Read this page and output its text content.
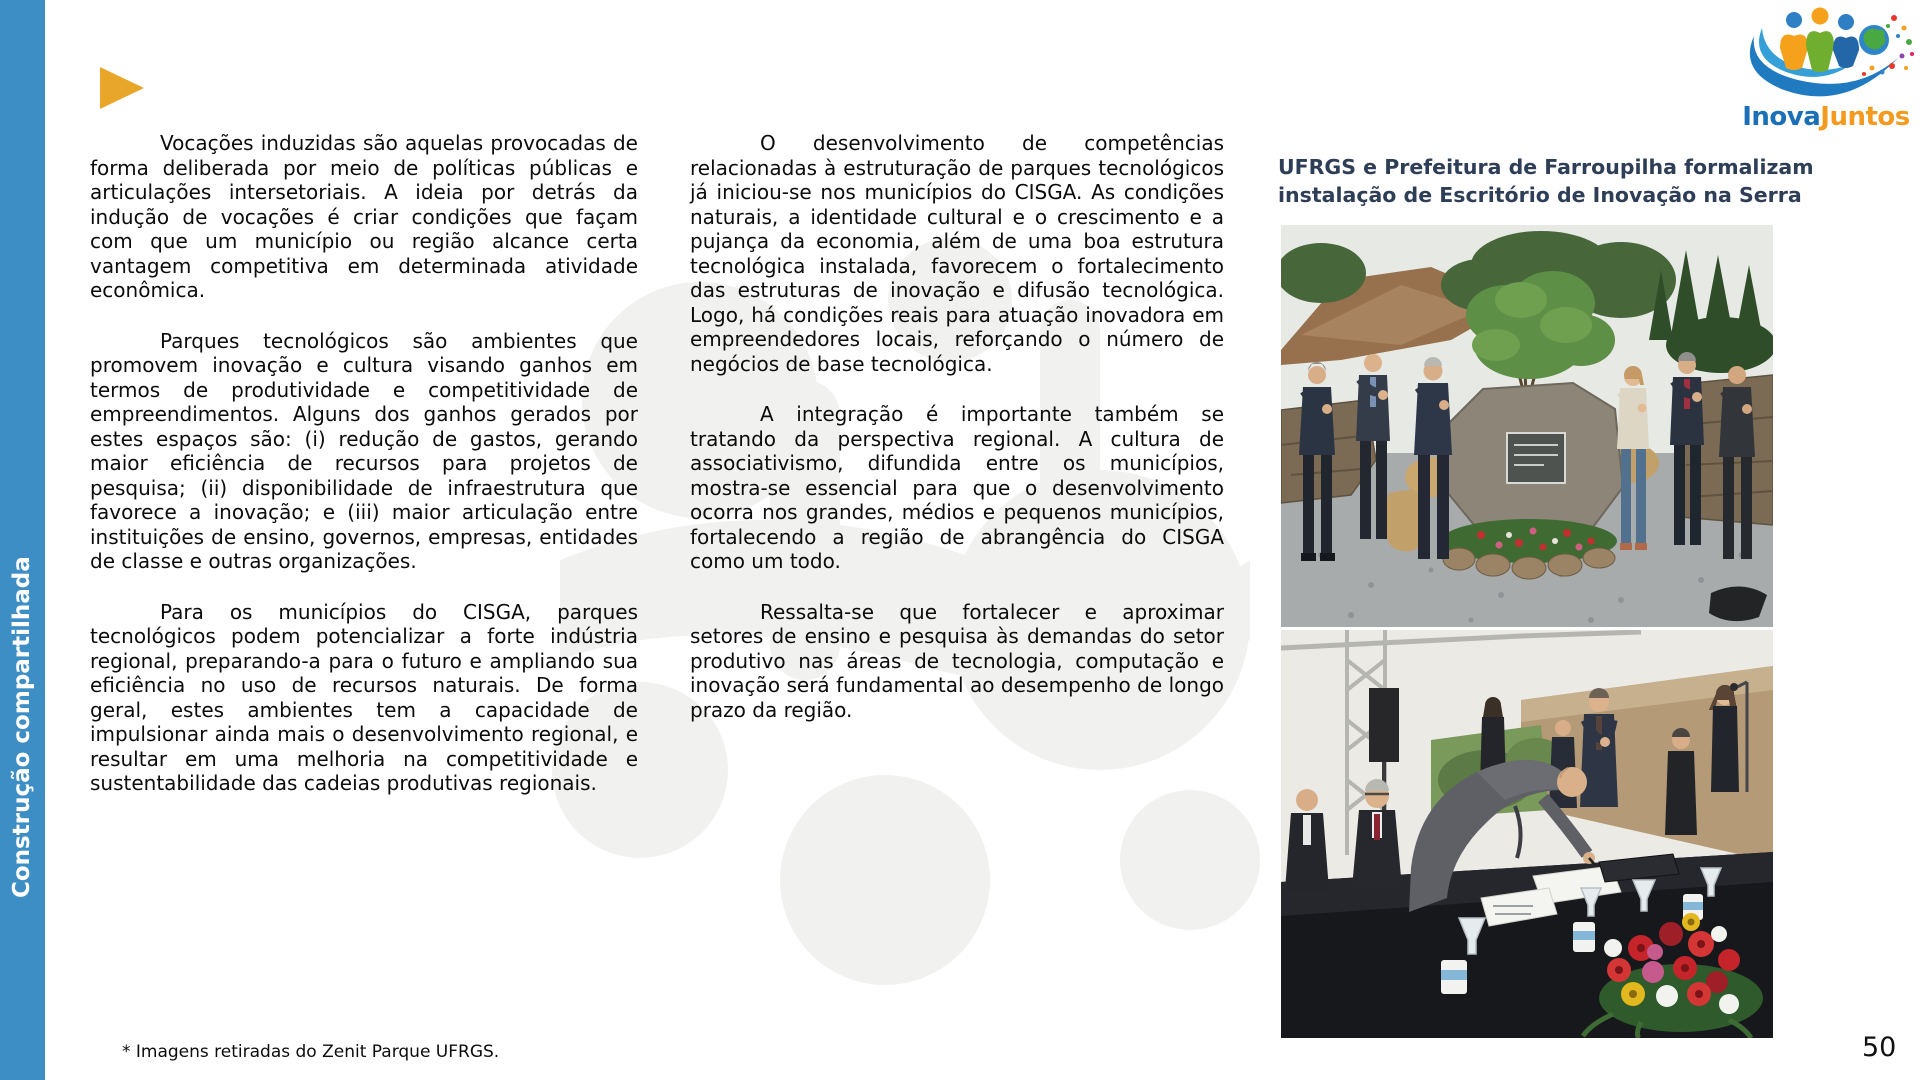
Construção compartilhada
InovaJuntos

Vocações induzidas são aquelas provocadas de forma deliberada por meio de políticas públicas e articulações intersetoriais. A ideia por detrás da indução de vocações é criar condições que façam com que um município ou região alcance certa vantagem competitiva em determinada atividade econômica.

Parques tecnológicos são ambientes que promovem inovação e cultura visando ganhos em termos de produtividade e competitividade de empreendimentos. Alguns dos ganhos gerados por estes espaços são: (i) redução de gastos, gerando maior eficiência de recursos para projetos de pesquisa; (ii) disponibilidade de infraestrutura que favorece a inovação; e (iii) maior articulação entre instituições de ensino, governos, empresas, entidades de classe e outras organizações.

Para os municípios do CISGA, parques tecnológicos podem potencializar a forte indústria regional, preparando-a para o futuro e ampliando sua eficiência no uso de recursos naturais. De forma geral, estes ambientes tem a capacidade de impulsionar ainda mais o desenvolvimento regional, e resultar em uma melhoria na competitividade e sustentabilidade das cadeias produtivas regionais.

O desenvolvimento de competências relacionadas à estruturação de parques tecnológicos já iniciou-se nos municípios do CISGA. As condições naturais, a identidade cultural e o crescimento e a pujança da economia, além de uma boa estrutura tecnológica instalada, favorecem o fortalecimento das estruturas de inovação e difusão tecnológica. Logo, há condições reais para atuação inovadora em empreendedores locais, reforçando o número de negócios de base tecnológica.

A integração é importante também se tratando da perspectiva regional. A cultura de associativismo, difundida entre os municípios, mostra-se essencial para que o desenvolvimento ocorra nos grandes, médios e pequenos municípios, fortalecendo a região de abrangência do CISGA como um todo.

Ressalta-se que fortalecer e aproximar setores de ensino e pesquisa às demandas do setor produtivo nas áreas de tecnologia, computação e inovação será fundamental ao desempenho de longo prazo da região.

UFRGS e Prefeitura de Farroupilha formalizam
instalação de Escritório de Inovação na Serra
* Imagens retiradas do Zenit Parque UFRGS.	50
